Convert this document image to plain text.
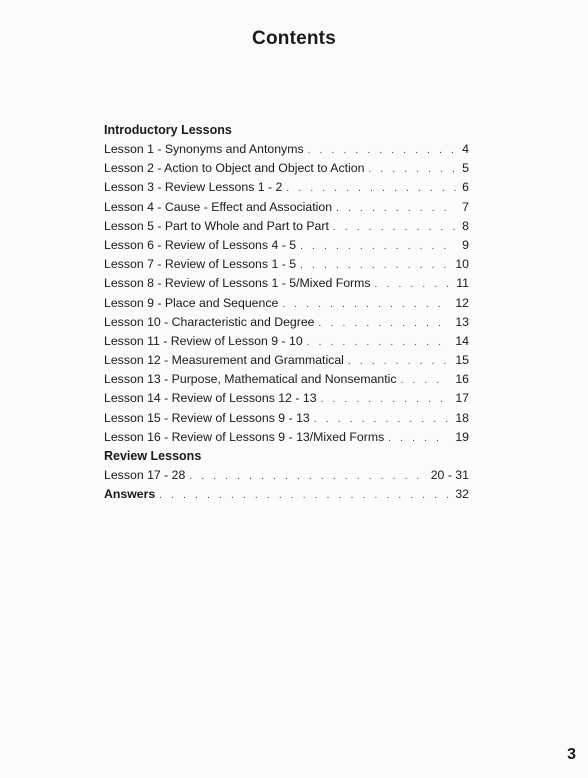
Contents
Introductory Lessons
Lesson 1 - Synonyms and Antonyms . . .	4
Lesson 2 - Action to Object and Object to Action . . .	5
Lesson 3 - Review Lessons 1 - 2 . . .	6
Lesson 4 - Cause - Effect and Association . . .	7
Lesson 5 - Part to Whole and Part to Part . . .	8
Lesson 6 - Review of Lessons 4 - 5 . . .	9
Lesson 7 - Review of Lessons 1 - 5 . . .	10
Lesson 8 - Review of Lessons 1 - 5/Mixed Forms . . .	11
Lesson 9 - Place and Sequence . . .	12
Lesson 10 - Characteristic and Degree . . .	13
Lesson 11 - Review of Lesson 9 - 10 . . .	14
Lesson 12 - Measurement and Grammatical . . .	15
Lesson 13 - Purpose, Mathematical and Nonsemantic . . .	16
Lesson 14 - Review of Lessons 12 - 13 . . .	17
Lesson 15 - Review of Lessons 9 - 13 . . .	18
Lesson 16 - Review of Lessons 9 - 13/Mixed Forms . . .	19
Review Lessons
Lesson 17 - 28 . . .	20 - 31
Answers . . .	32
3
